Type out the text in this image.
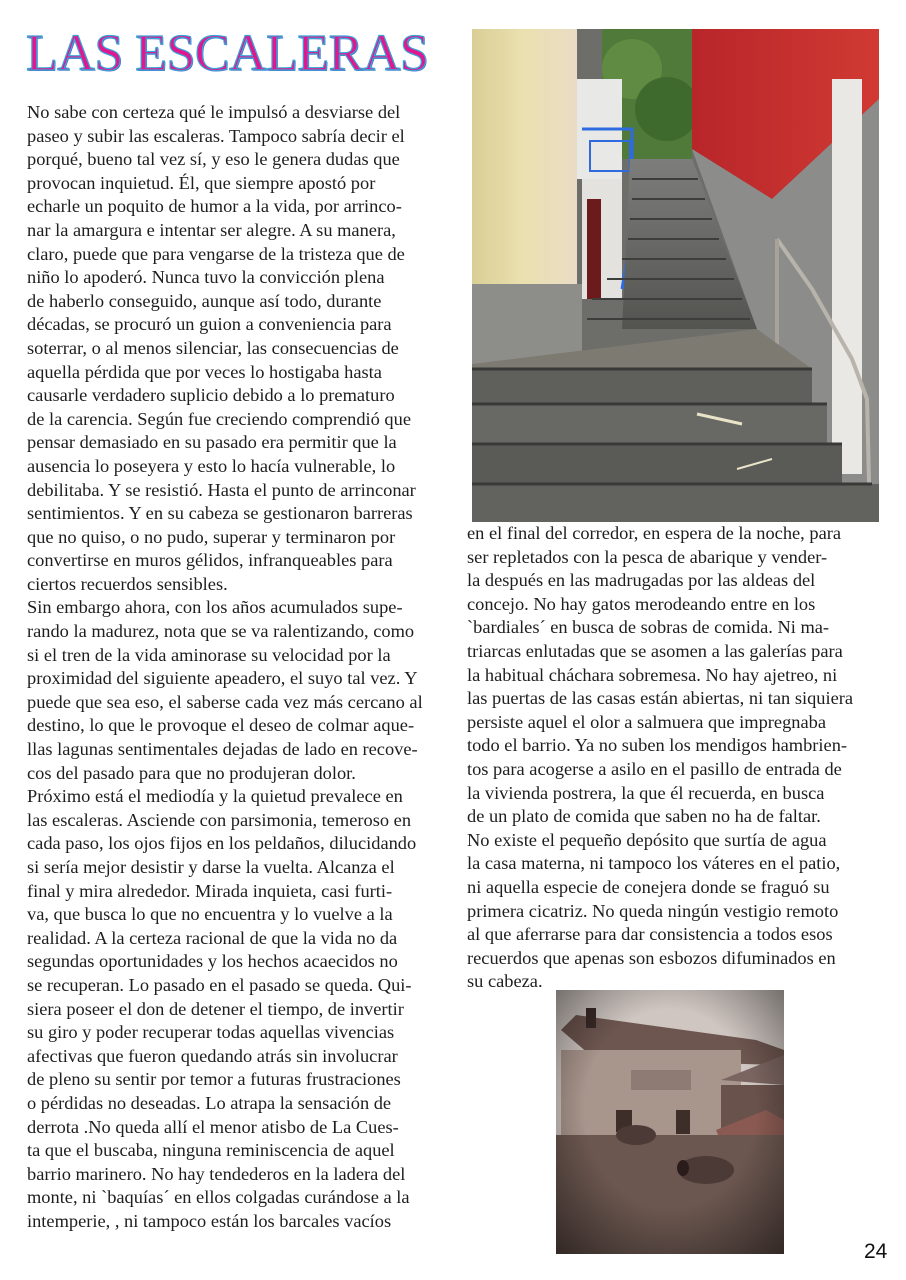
LAS ESCALERAS
No sabe con certeza qué le impulsó a desviarse del
paseo y subir las escaleras. Tampoco sabría decir el
porqué, bueno tal vez sí, y eso le genera dudas que
provocan inquietud. Él, que siempre apostó por
echarle un poquito de humor a la vida, por arrinco-
nar la amargura e intentar ser alegre. A su manera,
claro, puede que para vengarse de la tristeza que de
niño lo apoderó. Nunca tuvo la convicción plena
de haberlo conseguido, aunque así todo, durante
décadas, se procuró un guion a conveniencia para
soterrar, o al menos silenciar, las consecuencias de
aquella pérdida que por veces lo hostigaba hasta
causarle verdadero suplicio debido a lo prematuro
de la carencia. Según fue creciendo comprendió que
pensar demasiado en su pasado era permitir que la
ausencia lo poseyera y esto lo hacía vulnerable, lo
debilitaba. Y se resistió. Hasta el punto de arrinconar
sentimientos. Y en su cabeza se gestionaron barreras
que no quiso, o no pudo, superar y terminaron por
convertirse en muros gélidos, infranqueables para
ciertos recuerdos sensibles.
Sin embargo ahora, con los años acumulados supe-
rando la madurez, nota que se va ralentizando, como
si el tren de la vida aminorase su velocidad por la
proximidad del siguiente apeadero, el suyo tal vez. Y
puede que sea eso, el saberse cada vez más cercano al
destino, lo que le provoque el deseo de colmar aque-
llas lagunas sentimentales dejadas de lado en recove-
cos del pasado para que no produjeran dolor.
Próximo está el mediodía y la quietud prevalece en
las escaleras. Asciende con parsimonia, temeroso en
cada paso, los ojos fijos en los peldaños, dilucidando
si sería mejor desistir y darse la vuelta. Alcanza el
final y mira alrededor. Mirada inquieta, casi furti-
va, que busca lo que no encuentra y lo vuelve a la
realidad. A la certeza racional de que la vida no da
segundas oportunidades y los hechos acaecidos no
se recuperan. Lo pasado en el pasado se queda. Qui-
siera poseer el don de detener el tiempo, de invertir
su giro y poder recuperar todas aquellas vivencias
afectivas que fueron quedando atrás sin involucrar
de pleno su sentir por temor a futuras frustraciones
o pérdidas no deseadas. Lo atrapa la sensación de
derrota .No queda allí el menor atisbo de La Cues-
ta que el buscaba, ninguna reminiscencia de aquel
barrio marinero. No hay tendederos en la ladera del
monte, ni `baquías´ en ellos colgadas curándose a la
intemperie, , ni tampoco están los barcales vacíos
en el final del corredor, en espera de la noche, para
ser repletados con la pesca de abarique y vender-
la después en las madrugadas por las aldeas del
concejo. No hay gatos merodeando entre en los
`bardiales´ en busca de sobras de comida. Ni ma-
triarcas enlutadas que se asomen a las galerías para
la habitual cháchara sobremesa. No hay ajetreo, ni
las puertas de las casas están abiertas, ni tan siquiera
persiste aquel el olor a salmuera que impregnaba
todo el barrio. Ya no suben los mendigos hambrien-
tos para acogerse a asilo en el pasillo de entrada de
la vivienda postrera, la que él recuerda, en busca
de un plato de comida que saben no ha de faltar.
No existe el pequeño depósito que surtía de agua
la casa materna, ni tampoco los váteres en el patio,
ni aquella especie de conejera donde se fraguó su
primera cicatriz. No queda ningún vestigio remoto
al que aferrarse para dar consistencia a todos esos
recuerdos que apenas son esbozos difuminados en
su cabeza.
24
